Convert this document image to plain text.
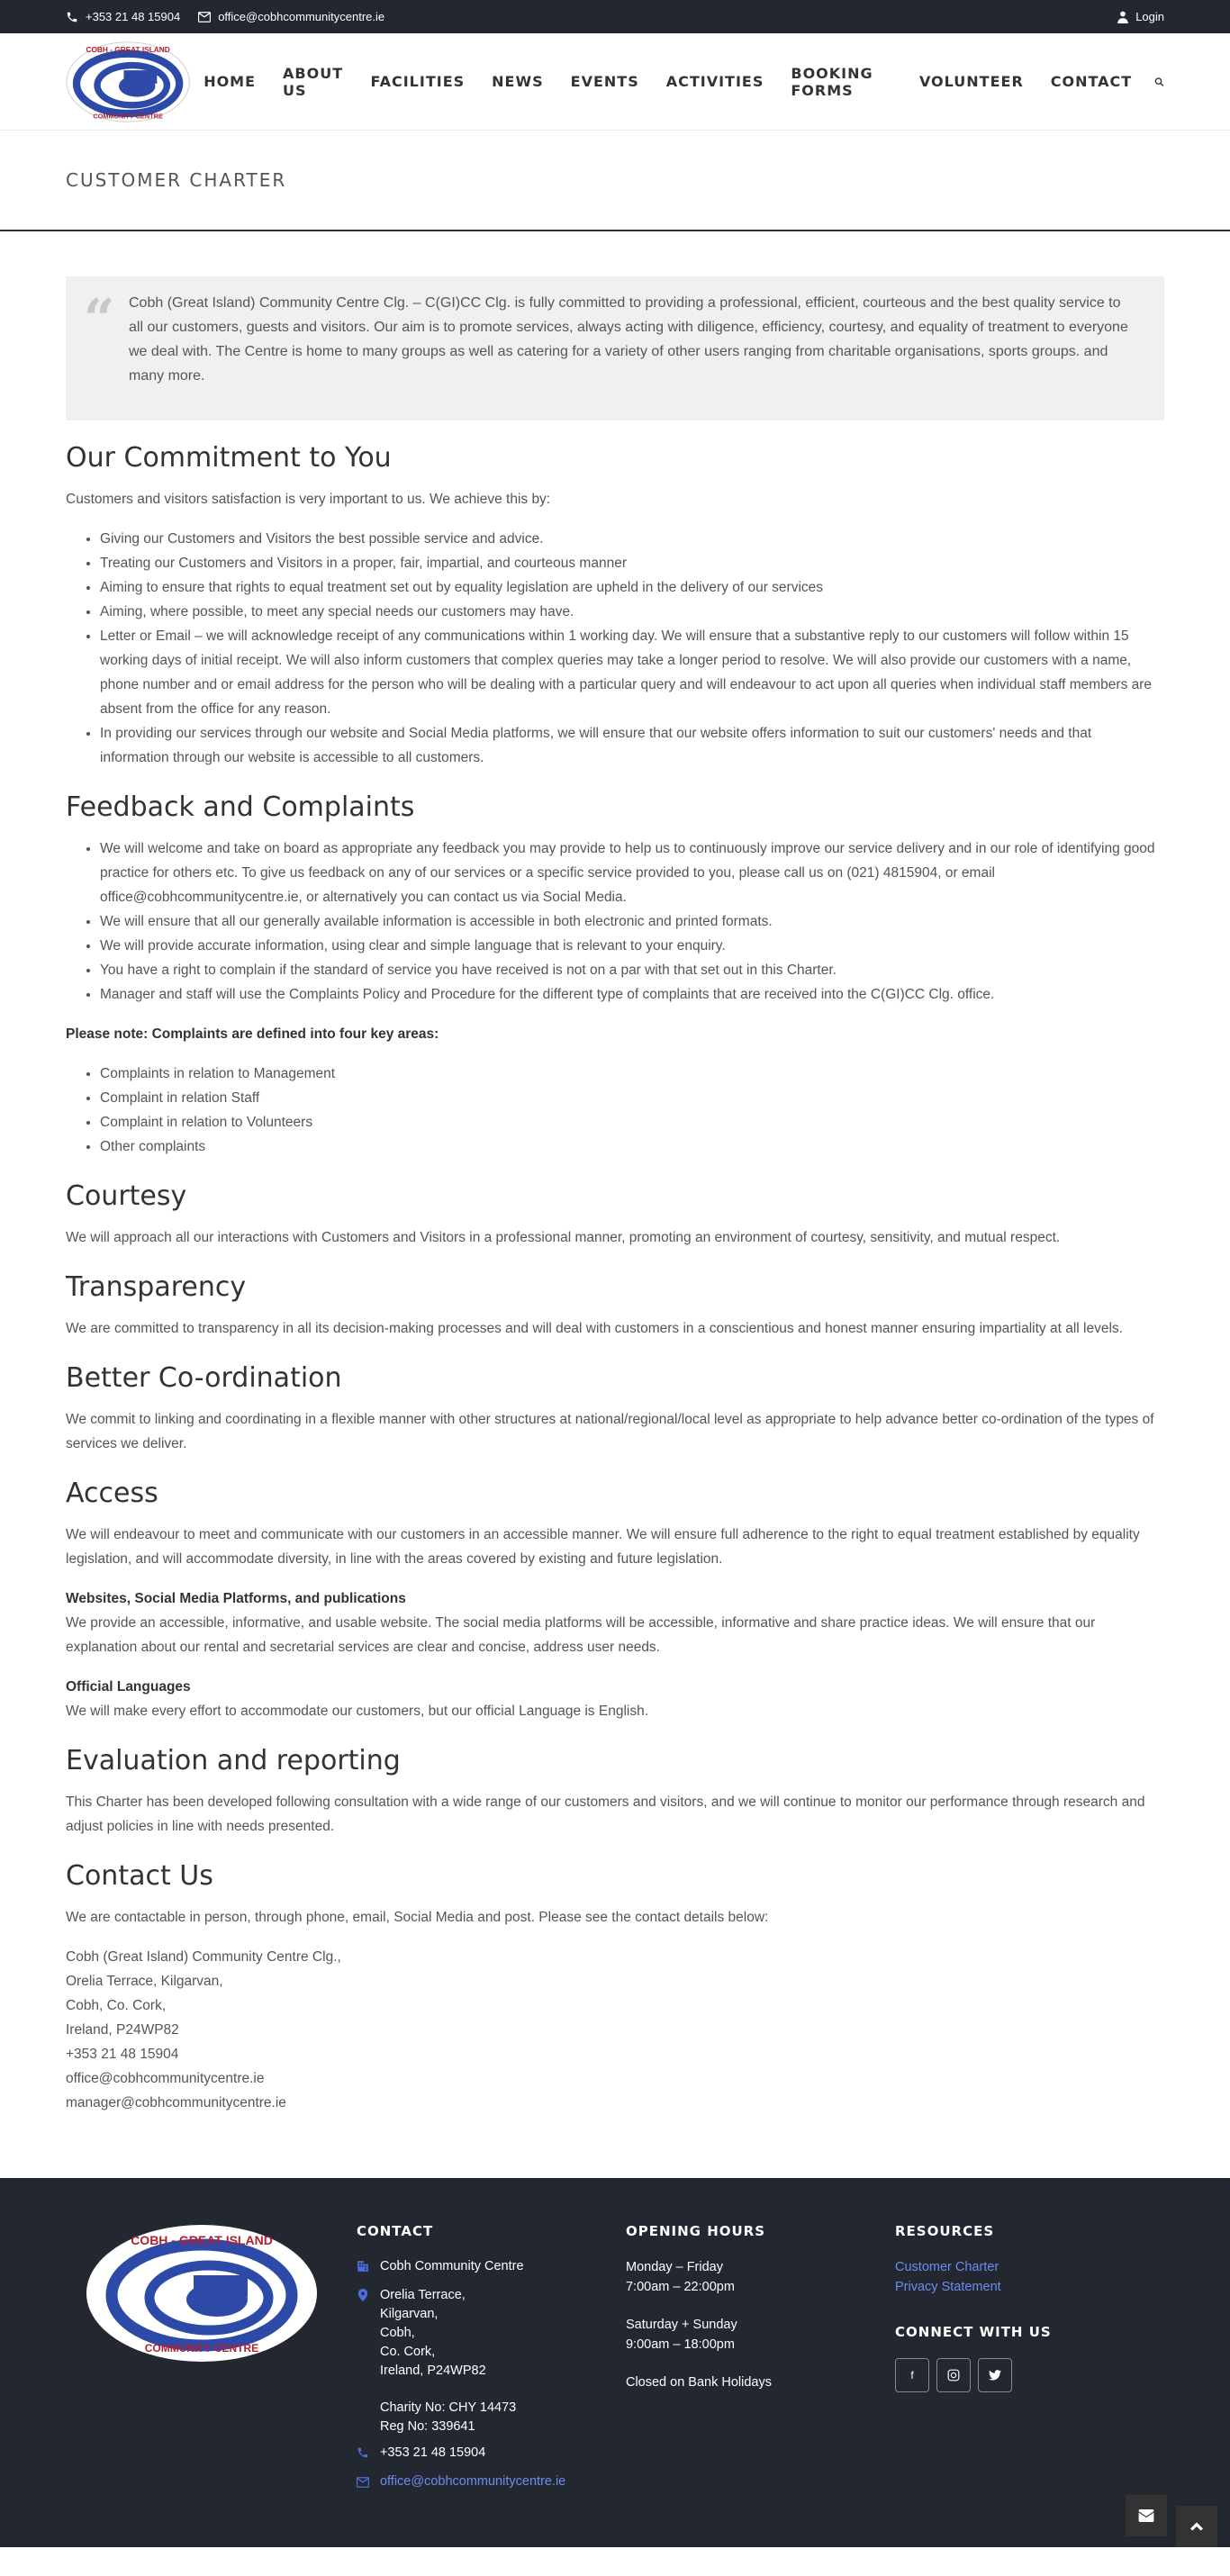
+353 21 48 15904	office@cobhcommunitycentre.ie	Login
COBH - GREAT ISLAND
COMMUNITY CENTRE
HOME	ABOUT US	FACILITIES	NEWS	EVENTS	ACTIVITIES	BOOKING FORMS	VOLUNTEER	CONTACT
CUSTOMER CHARTER
“ Cobh (Great Island) Community Centre Clg. – C(GI)CC Clg. is fully committed to providing a professional, efficient, courteous and the best quality service to all our customers, guests and visitors. Our aim is to promote services, always acting with diligence, efficiency, courtesy, and equality of treatment to everyone we deal with. The Centre is home to many groups as well as catering for a variety of other users ranging from charitable organisations, sports groups. and many more.
Our Commitment to You

Customers and visitors satisfaction is very important to us. We achieve this by:

• Giving our Customers and Visitors the best possible service and advice.
• Treating our Customers and Visitors in a proper, fair, impartial, and courteous manner
• Aiming to ensure that rights to equal treatment set out by equality legislation are upheld in the delivery of our services
• Aiming, where possible, to meet any special needs our customers may have.
• Letter or Email – we will acknowledge receipt of any communications within 1 working day. We will ensure that a substantive reply to our customers will follow within 15 working days of initial receipt. We will also inform customers that complex queries may take a longer period to resolve. We will also provide our customers with a name, phone number and or email address for the person who will be dealing with a particular query and will endeavour to act upon all queries when individual staff members are absent from the office for any reason.
• In providing our services through our website and Social Media platforms, we will ensure that our website offers information to suit our customers' needs and that information through our website is accessible to all customers.
Feedback and Complaints
• We will welcome and take on board as appropriate any feedback you may provide to help us to continuously improve our service delivery and in our role of identifying good practice for others etc. To give us feedback on any of our services or a specific service provided to you, please call us on (021) 4815904, or email office@cobhcommunitycentre.ie, or alternatively you can contact us via Social Media.
• We will ensure that all our generally available information is accessible in both electronic and printed formats.
• We will provide accurate information, using clear and simple language that is relevant to your enquiry.
• You have a right to complain if the standard of service you have received is not on a par with that set out in this Charter.
• Manager and staff will use the Complaints Policy and Procedure for the different type of complaints that are received into the C(GI)CC Clg. office.

Please note: Complaints are defined into four key areas:

• Complaints in relation to Management
• Complaint in relation Staff
• Complaint in relation to Volunteers
• Other complaints
Courtesy

We will approach all our interactions with Customers and Visitors in a professional manner, promoting an environment of courtesy, sensitivity, and mutual respect.

Transparency

We are committed to transparency in all its decision-making processes and will deal with customers in a conscientious and honest manner ensuring impartiality at all levels.

Better Co-ordination

We commit to linking and coordinating in a flexible manner with other structures at national/regional/local level as appropriate to help advance better co-ordination of the types of services we deliver.

Access

We will endeavour to meet and communicate with our customers in an accessible manner. We will ensure full adherence to the right to equal treatment established by equality legislation, and will accommodate diversity, in line with the areas covered by existing and future legislation.

Websites, Social Media Platforms, and publications
We provide an accessible, informative, and usable website. The social media platforms will be accessible, informative and share practice ideas. We will ensure that our explanation about our rental and secretarial services are clear and concise, address user needs.

Official Languages
We will make every effort to accommodate our customers, but our official Language is English.

Evaluation and reporting

This Charter has been developed following consultation with a wide range of our customers and visitors, and we will continue to monitor our performance through research and adjust policies in line with needs presented.

Contact Us

We are contactable in person, through phone, email, Social Media and post. Please see the contact details below:

Cobh (Great Island) Community Centre Clg.,
Orelia Terrace, Kilgarvan,
Cobh, Co. Cork,
Ireland, P24WP82
+353 21 48 15904
office@cobhcommunitycentre.ie
manager@cobhcommunitycentre.ie
COBH - GREAT ISLAND
COMMUNITY CENTRE
CONTACT
Cobh Community Centre
Orelia Terrace,
Kilgarvan,
Cobh,
Co. Cork,
Ireland, P24WP82
Charity No: CHY 14473
Reg No: 339641
+353 21 48 15904
office@cobhcommunitycentre.ie
OPENING HOURS
Monday – Friday
7:00am – 22:00pm
Saturday + Sunday
9:00am – 18:00pm
Closed on Bank Holidays
RESOURCES
Customer Charter
Privacy Statement
CONNECT WITH US
f
